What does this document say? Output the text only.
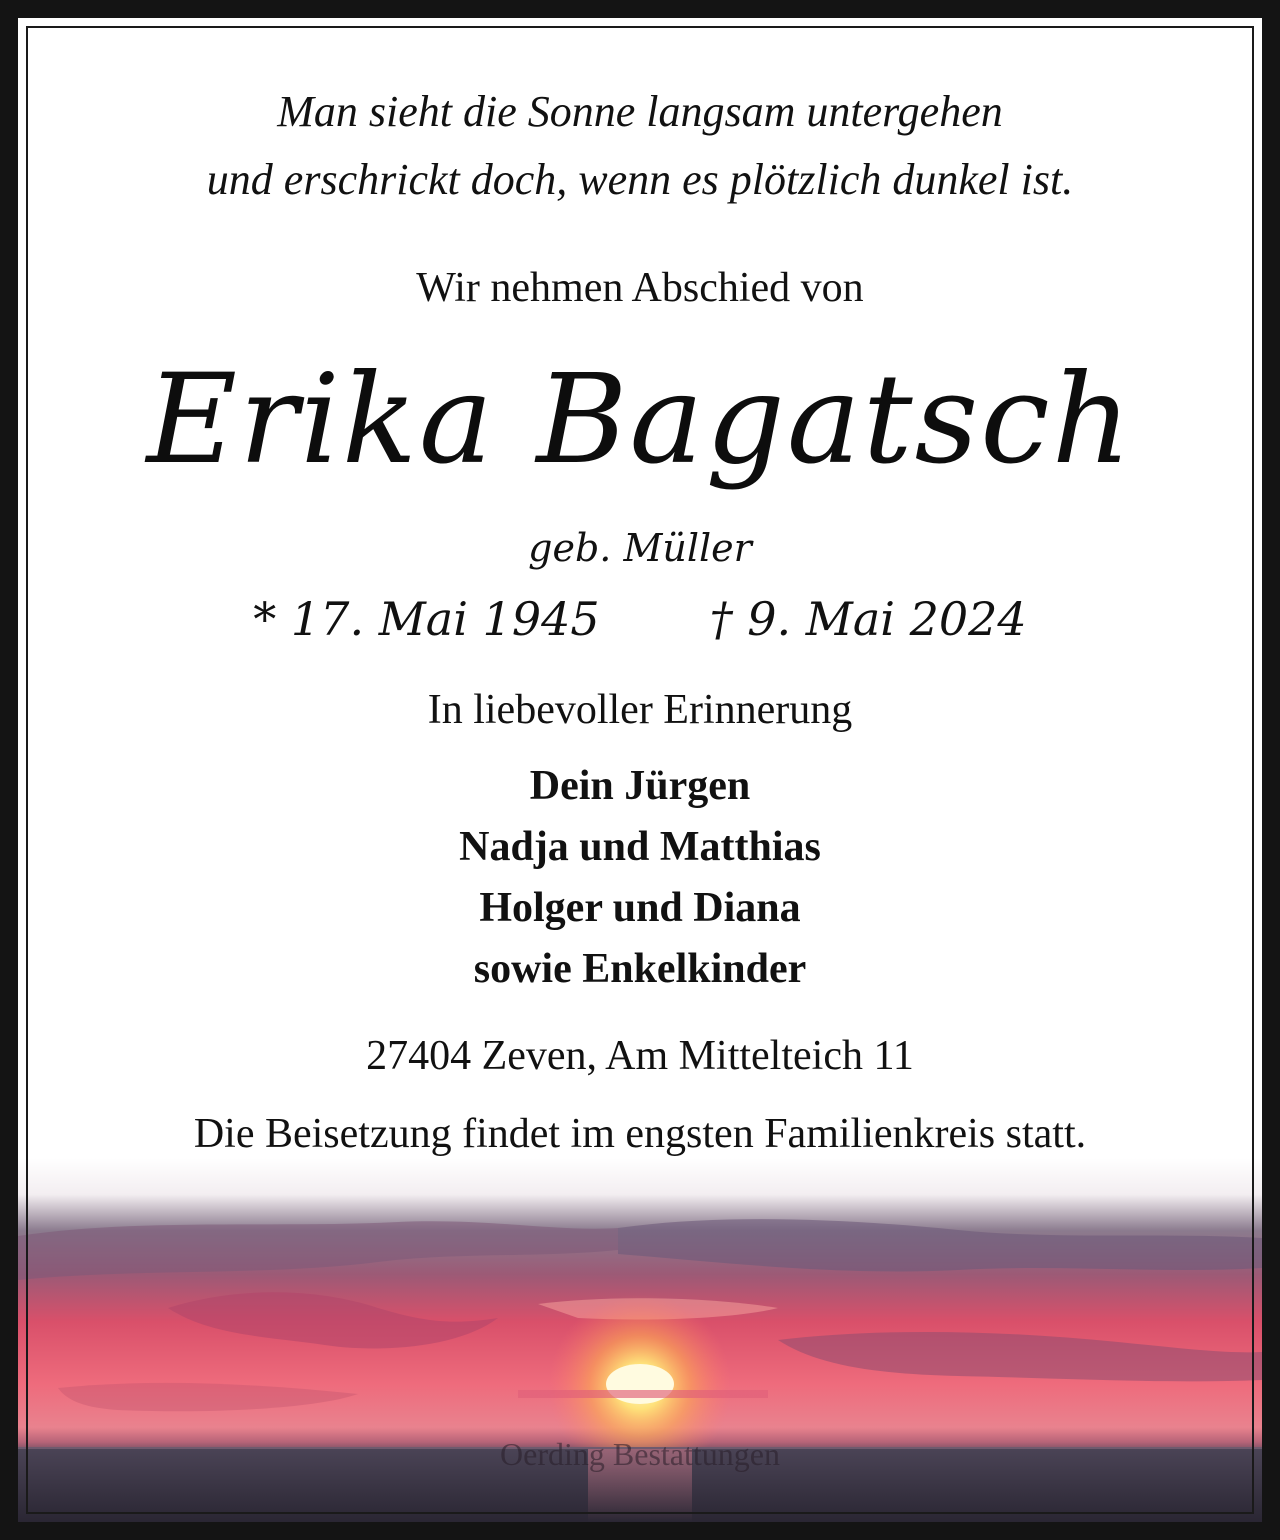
Man sieht die Sonne langsam untergehen
und erschrickt doch, wenn es plötzlich dunkel ist.
Wir nehmen Abschied von
Erika Bagatsch
geb. Müller
* 17. Mai 1945 † 9. Mai 2024
In liebevoller Erinnerung
Dein Jürgen
Nadja und Matthias
Holger und Diana
sowie Enkelkinder
27404 Zeven, Am Mittelteich 11
Die Beisetzung findet im engsten Familienkreis statt.
Oerding Bestattungen
